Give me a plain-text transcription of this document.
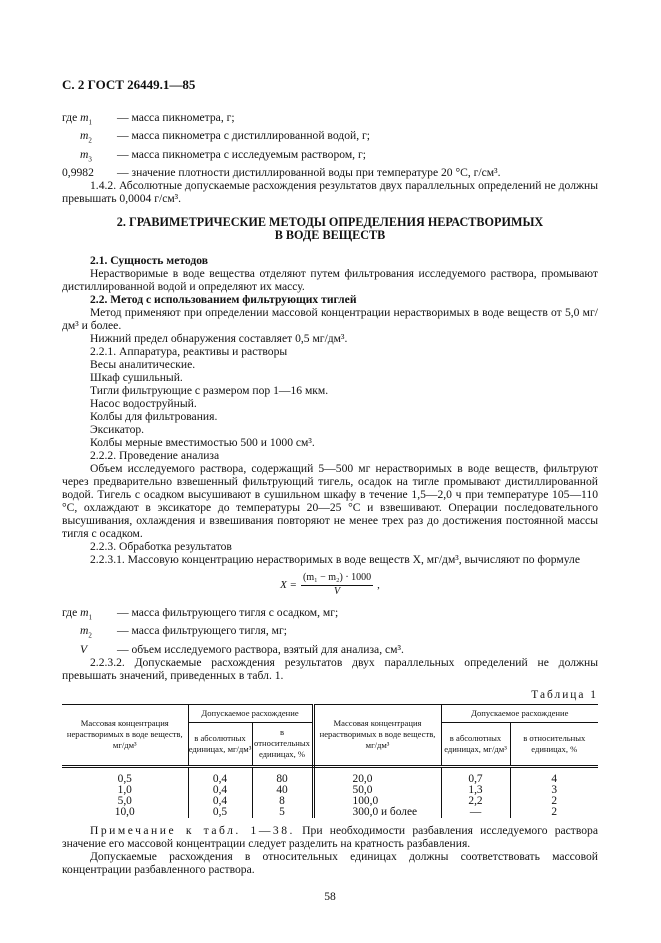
С. 2 ГОСТ 26449.1—85
где $m_1$	— масса пикнометра, г;
$m_2$	— масса пикнометра с дистиллированной водой, г;
$m_3$	— масса пикнометра с исследуемым раствором, г;
0,9982	— значение плотности дистиллированной воды при температуре 20 °С, г/см³.

1.4.2. Абсолютные допускаемые расхождения результатов двух параллельных определений не должны превышать 0,0004 г/см³.

2. ГРАВИМЕТРИЧЕСКИЕ МЕТОДЫ ОПРЕДЕЛЕНИЯ НЕРАСТВОРИМЫХ
В ВОДЕ ВЕЩЕСТВ

2.1. Сущность методов

Нерастворимые в воде вещества отделяют путем фильтрования исследуемого раствора, промывают дистиллированной водой и определяют их массу.

2.2. Метод с использованием фильтрующих тиглей

Метод применяют при определении массовой концентрации нерастворимых в воде веществ от 5,0 мг/дм³ и более.

Нижний предел обнаружения составляет 0,5 мг/дм³.

2.2.1. Аппаратура, реактивы и растворы

Весы аналитические.

Шкаф сушильный.

Тигли фильтрующие с размером пор 1—16 мкм.

Насос водоструйный.

Колбы для фильтрования.

Эксикатор.

Колбы мерные вместимостью 500 и 1000 см³.

2.2.2. Проведение анализа

Объем исследуемого раствора, содержащий 5—500 мг нерастворимых в воде веществ, фильтруют через предварительно взвешенный фильтрующий тигель, осадок на тигле промывают дистиллированной водой. Тигель с осадком высушивают в сушильном шкафу в течение 1,5—2,0 ч при температуре 105—110 °С, охлаждают в эксикаторе до температуры 20—25 °С и взвешивают. Операции последовательного высушивания, охлаждения и взвешивания повторяют не менее трех раз до достижения постоянной массы тигля с осадком.

2.2.3. Обработка результатов

2.2.3.1. Массовую концентрацию нерастворимых в воде веществ X, мг/дм³, вычисляют по формуле

$X = \frac{\text{(m₁ − m₂) · 1000}}{V}$ ,
где $m_1$	— масса фильтрующего тигля с осадком, мг;
$m_2$	— масса фильтрующего тигля, мг;
V	— объем исследуемого раствора, взятый для анализа, см³.

2.2.3.2. Допускаемые расхождения результатов двух параллельных определений не должны превышать значений, приведенных в табл. 1.

Таблица 1
Массовая концентрация нерастворимых в воде веществ, мг/дм³	Допускаемое расхождение		Массовая концентрация нерастворимых в воде веществ, мг/дм³	Допускаемое расхождение	
	в абсолютных единицах, мг/дм³	в относительных единицах, %		в абсолютных единицах, мг/дм³	в относительных единицах, %
0,5	0,4	80	20,0	0,7	4
1,0	0,4	40	50,0	1,3	3
5,0	0,4	8	100,0	2,2	2
10,0	0,5	5	300,0 и более	—	2

Примечание к табл. 1—38. При необходимости разбавления исследуемого раствора значение его массовой концентрации следует разделить на кратность разбавления.

Допускаемые расхождения в относительных единицах должны соответствовать массовой концентрации разбавленного раствора.

58
